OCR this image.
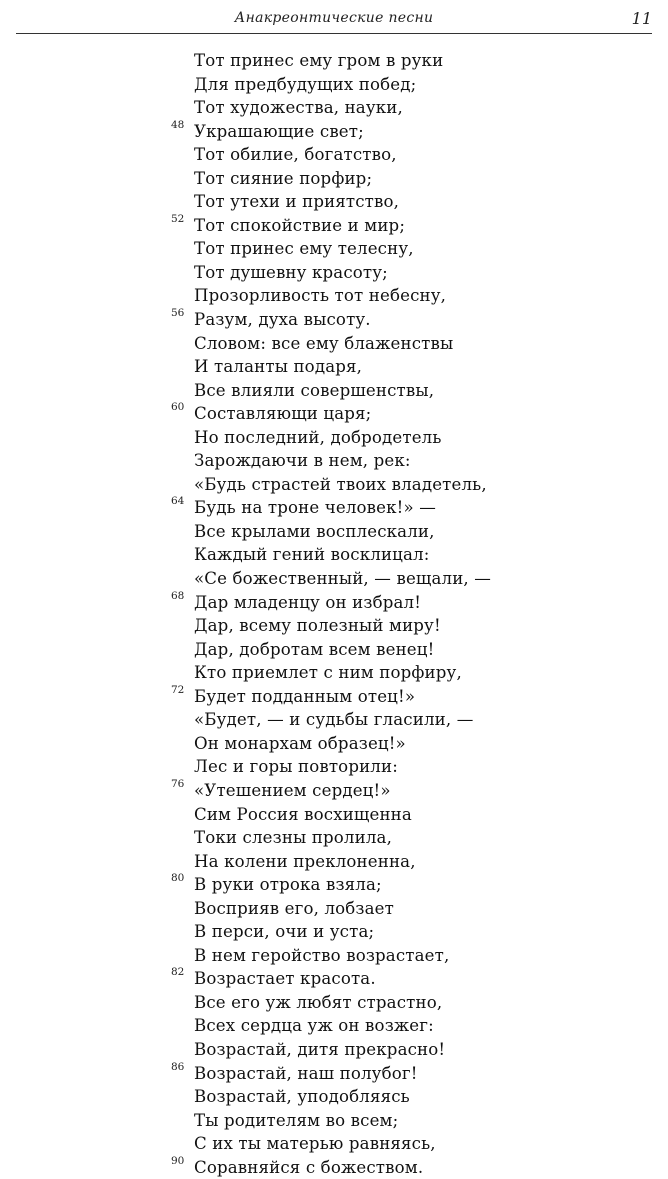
Анакреонтические песни	11
Тот принес ему гром в руки
Для предбудущих побед;
Тот художества, науки,
48 Украшающие свет;
Тот обилие, богатство,
Тот сияние порфир;
Тот утехи и приятство,
52 Тот спокойствие и мир;
Тот принес ему телесну,
Тот душевну красоту;
Прозорливость тот небесну,
56 Разум, духа высоту.
Словом: все ему блаженствы
И таланты подаря,
Все влияли совершенствы,
60 Составляющи царя;
Но последний, добродетель
Зарождаючи в нем, рек:
«Будь страстей твоих владетель,
64 Будь на троне человек!» —
Все крылами восплескали,
Каждый гений восклицал:
«Се божественный, — вещали, —
68 Дар младенцу он избрал!
Дар, всему полезный миру!
Дар, добротам всем венец!
Кто приемлет с ним порфиру,
72 Будет подданным отец!»
«Будет, — и судьбы гласили, —
Он монархам образец!»
Лес и горы повторили:
76 «Утешением сердец!»
Сим Россия восхищенна
Токи слезны пролила,
На колени преклоненна,
80 В руки отрока взяла;
Восприяв его, лобзает
В перси, очи и уста;
В нем геройство возрастает,
82 Возрастает красота.
Все его уж любят страстно,
Всех сердца уж он возжег:
Возрастай, дитя прекрасно!
86 Возрастай, наш полубог!
Возрастай, уподобляясь
Ты родителям во всем;
С их ты матерью равняясь,
90 Соравняйся с божеством.
